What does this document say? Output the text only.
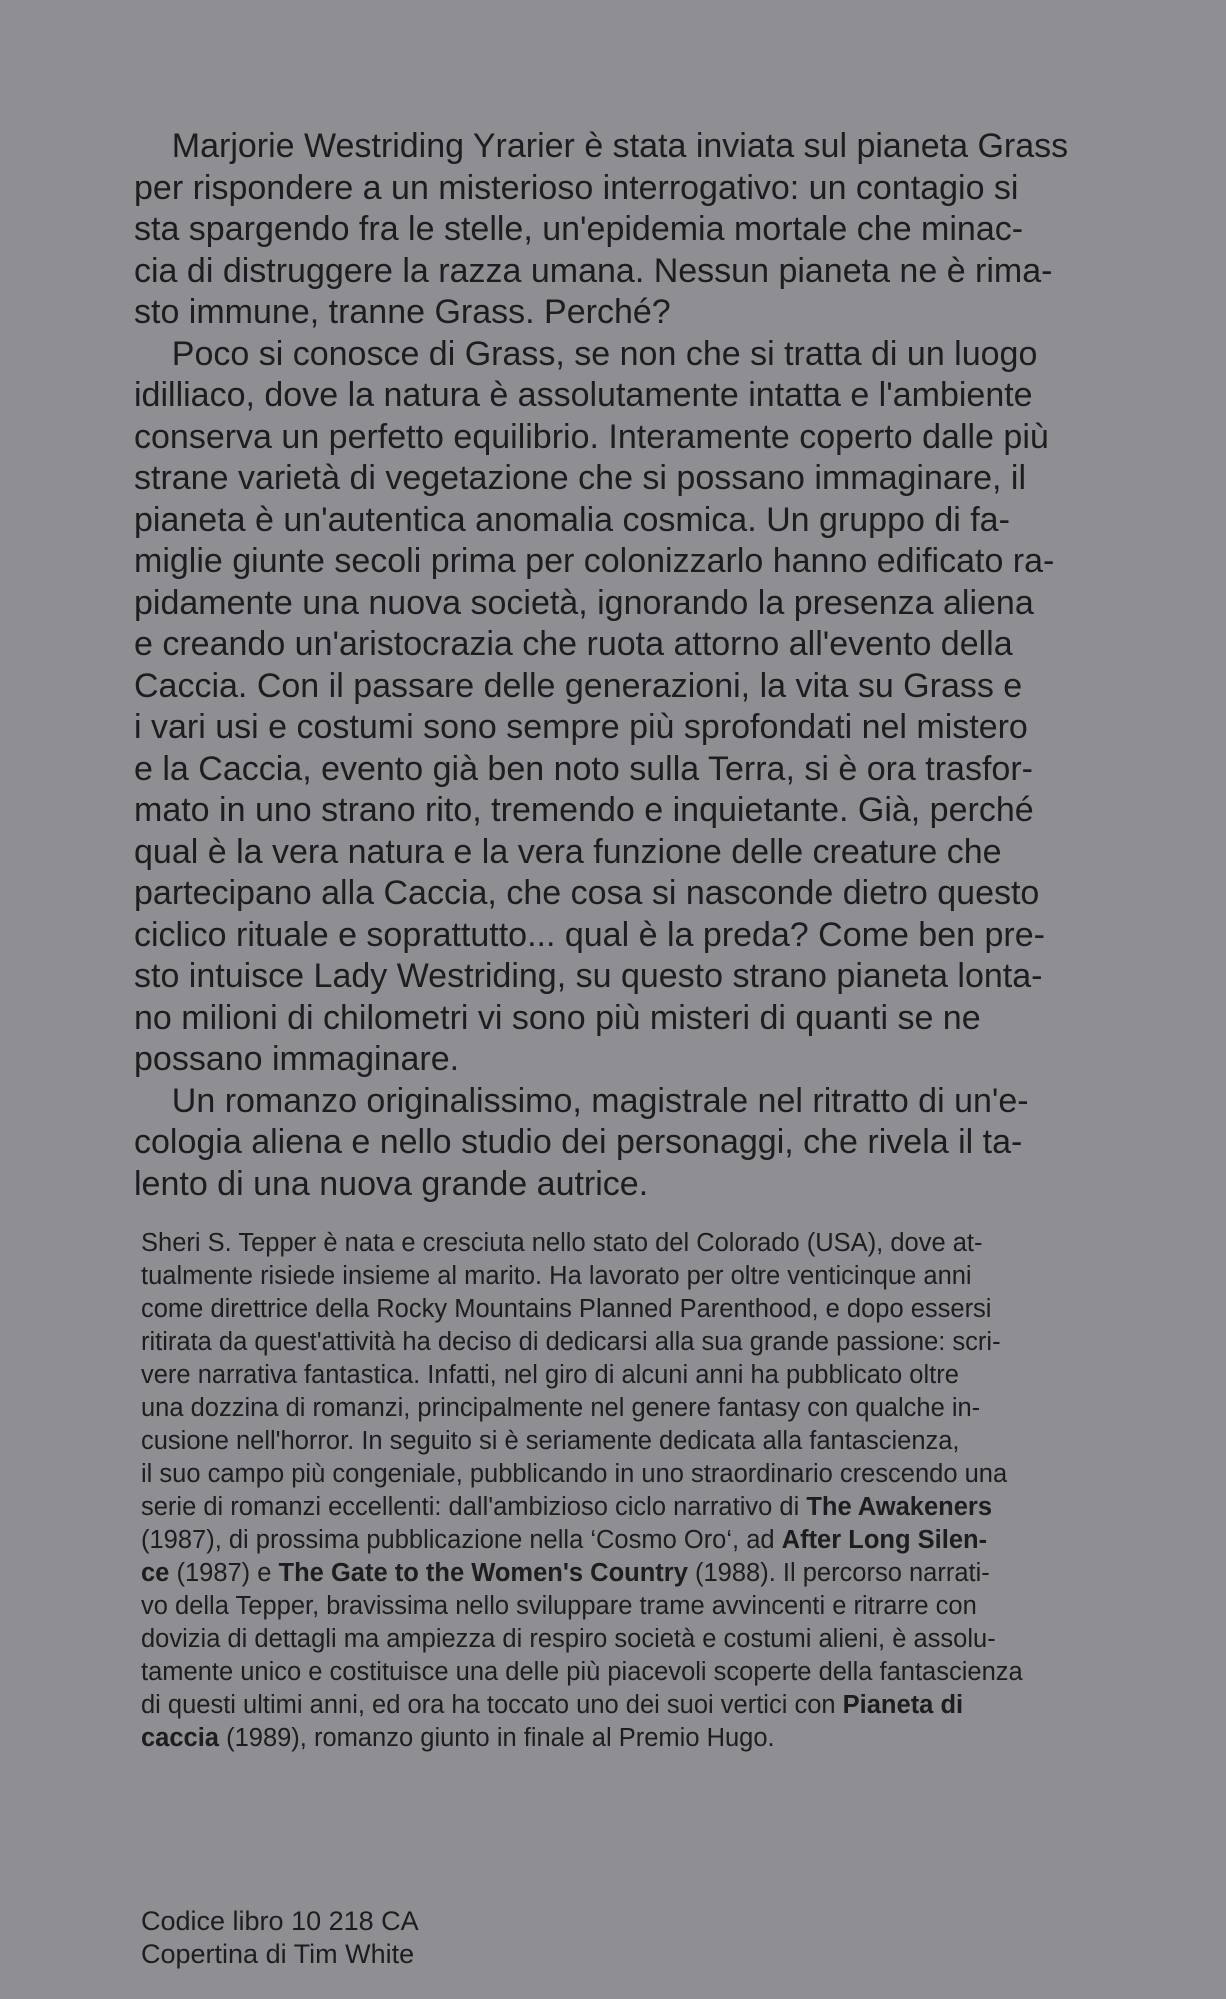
Marjorie Westriding Yrarier è stata inviata sul pianeta Grass
per rispondere a un misterioso interrogativo: un contagio si
sta spargendo fra le stelle, un'epidemia mortale che minac-
cia di distruggere la razza umana. Nessun pianeta ne è rima-
sto immune, tranne Grass. Perché?
Poco si conosce di Grass, se non che si tratta di un luogo
idilliaco, dove la natura è assolutamente intatta e l'ambiente
conserva un perfetto equilibrio. Interamente coperto dalle più
strane varietà di vegetazione che si possano immaginare, il
pianeta è un'autentica anomalia cosmica. Un gruppo di fa-
miglie giunte secoli prima per colonizzarlo hanno edificato ra-
pidamente una nuova società, ignorando la presenza aliena
e creando un'aristocrazia che ruota attorno all'evento della
Caccia. Con il passare delle generazioni, la vita su Grass e
i vari usi e costumi sono sempre più sprofondati nel mistero
e la Caccia, evento già ben noto sulla Terra, si è ora trasfor-
mato in uno strano rito, tremendo e inquietante. Già, perché
qual è la vera natura e la vera funzione delle creature che
partecipano alla Caccia, che cosa si nasconde dietro questo
ciclico rituale e soprattutto... qual è la preda? Come ben pre-
sto intuisce Lady Westriding, su questo strano pianeta lonta-
no milioni di chilometri vi sono più misteri di quanti se ne
possano immaginare.
Un romanzo originalissimo, magistrale nel ritratto di un'e-
cologia aliena e nello studio dei personaggi, che rivela il ta-
lento di una nuova grande autrice.
Sheri S. Tepper è nata e cresciuta nello stato del Colorado (USA), dove at-
tualmente risiede insieme al marito. Ha lavorato per oltre venticinque anni
come direttrice della Rocky Mountains Planned Parenthood, e dopo essersi
ritirata da quest'attività ha deciso di dedicarsi alla sua grande passione: scri-
vere narrativa fantastica. Infatti, nel giro di alcuni anni ha pubblicato oltre
una dozzina di romanzi, principalmente nel genere fantasy con qualche in-
cusione nell'horror. In seguito si è seriamente dedicata alla fantascienza,
il suo campo più congeniale, pubblicando in uno straordinario crescendo una
serie di romanzi eccellenti: dall'ambizioso ciclo narrativo di The Awakeners
(1987), di prossima pubblicazione nella ‘Cosmo Oro‘, ad After Long Silen-
ce (1987) e The Gate to the Women's Country (1988). Il percorso narrati-
vo della Tepper, bravissima nello sviluppare trame avvincenti e ritrarre con
dovizia di dettagli ma ampiezza di respiro società e costumi alieni, è assolu-
tamente unico e costituisce una delle più piacevoli scoperte della fantascienza
di questi ultimi anni, ed ora ha toccato uno dei suoi vertici con Pianeta di
caccia (1989), romanzo giunto in finale al Premio Hugo.
Codice libro 10 218 CA
Copertina di Tim White
